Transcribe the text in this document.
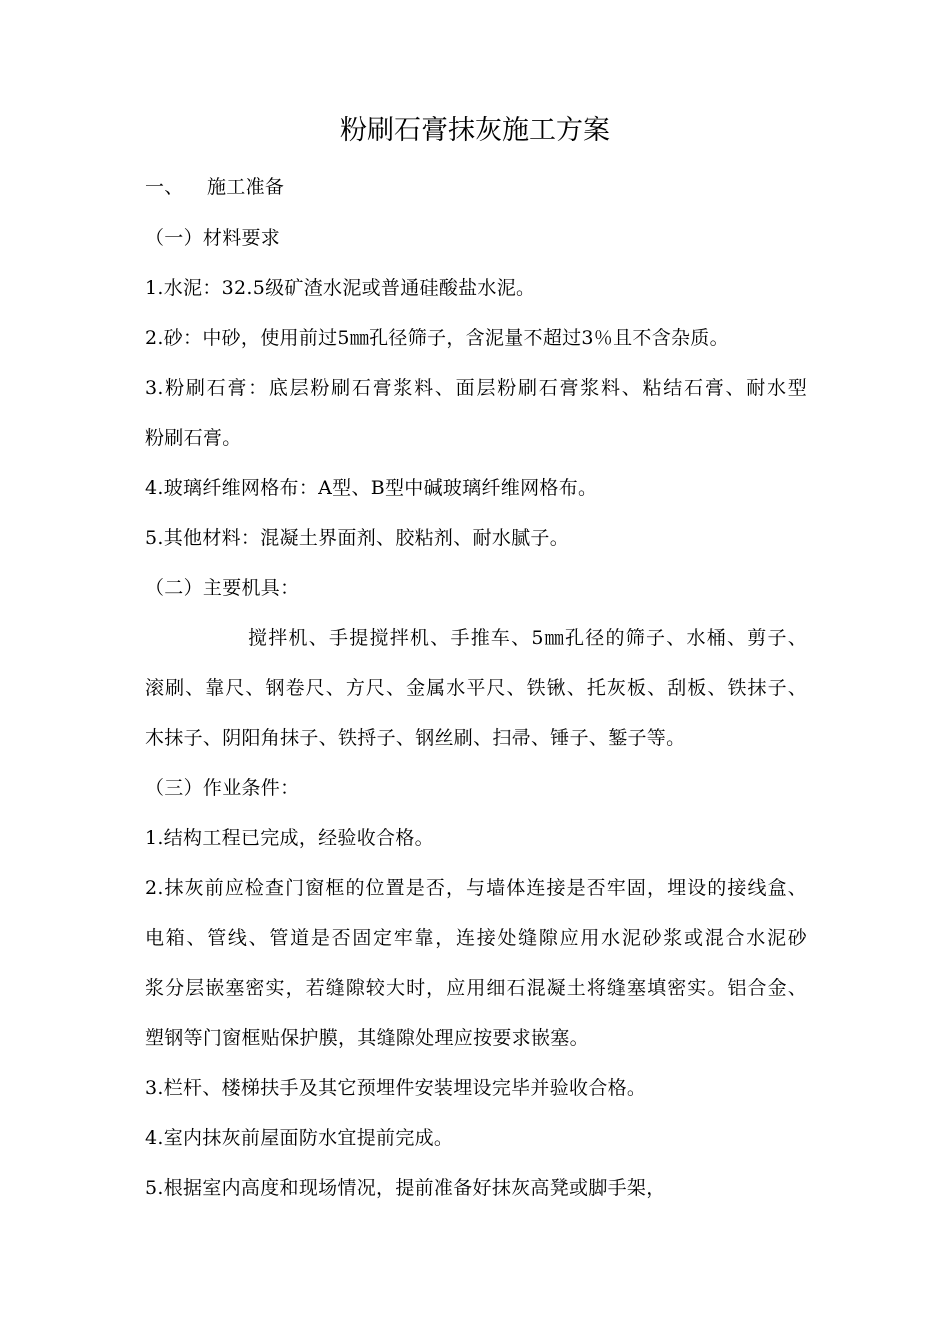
粉刷石膏抹灰施工方案
一、 施工准备
（一）材料要求
1.水泥：32.5级矿渣水泥或普通硅酸盐水泥。
2.砂：中砂，使用前过5㎜孔径筛子，含泥量不超过3％且不含杂质。
3.粉刷石膏：底层粉刷石膏浆料、面层粉刷石膏浆料、粘结石膏、耐水型
粉刷石膏。
4.玻璃纤维网格布：A型、B型中碱玻璃纤维网格布。
5.其他材料：混凝土界面剂、胶粘剂、耐水腻子。
（二）主要机具：
搅拌机、手提搅拌机、手推车、5㎜孔径的筛子、水桶、剪子、
滚刷、靠尺、钢卷尺、方尺、金属水平尺、铁锹、托灰板、刮板、铁抹子、
木抹子、阴阳角抹子、铁捋子、钢丝刷、扫帚、锤子、錾子等。
（三）作业条件：
1.结构工程已完成，经验收合格。
2.抹灰前应检查门窗框的位置是否，与墙体连接是否牢固，埋设的接线盒、
电箱、管线、管道是否固定牢靠，连接处缝隙应用水泥砂浆或混合水泥砂
浆分层嵌塞密实，若缝隙较大时，应用细石混凝土将缝塞填密实。铝合金、
塑钢等门窗框贴保护膜，其缝隙处理应按要求嵌塞。
3.栏杆、楼梯扶手及其它预埋件安装埋设完毕并验收合格。
4.室内抹灰前屋面防水宜提前完成。
5.根据室内高度和现场情况，提前准备好抹灰高凳或脚手架，
